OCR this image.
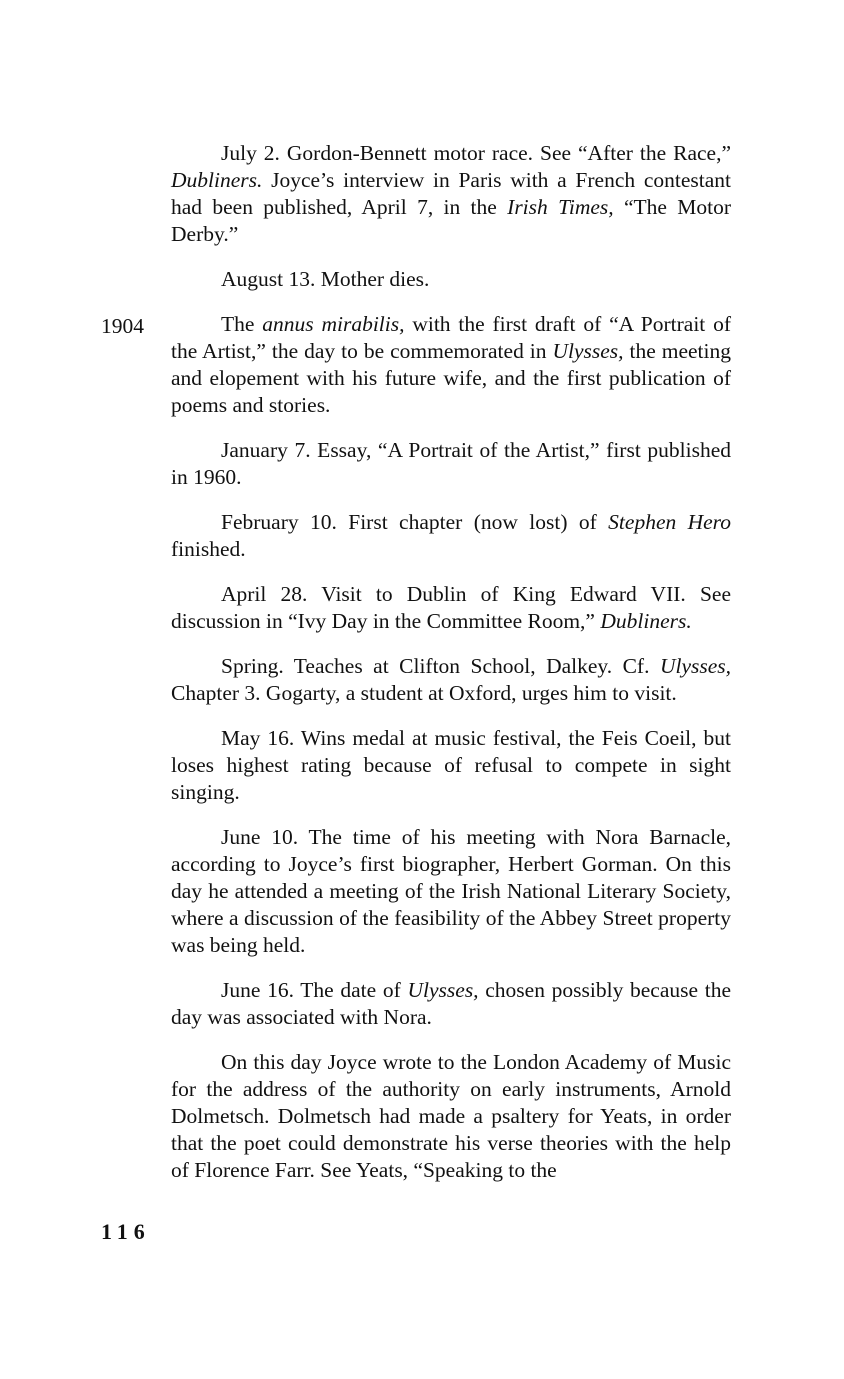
1904

July 2. Gordon-Bennett motor race. See “After the Race,” Dubliners. Joyce’s interview in Paris with a French contestant had been published, April 7, in the Irish Times, “The Motor Derby.”

August 13. Mother dies.

The annus mirabilis, with the first draft of “A Portrait of the Artist,” the day to be commemorated in Ulysses, the meeting and elopement with his future wife, and the first publication of poems and stories.

January 7. Essay, “A Portrait of the Artist,” first published in 1960.

February 10. First chapter (now lost) of Stephen Hero finished.

April 28. Visit to Dublin of King Edward VII. See discussion in “Ivy Day in the Committee Room,” Dubliners.

Spring. Teaches at Clifton School, Dalkey. Cf. Ulysses, Chapter 3. Gogarty, a student at Oxford, urges him to visit.

May 16. Wins medal at music festival, the Feis Coeil, but loses highest rating because of refusal to compete in sight singing.

June 10. The time of his meeting with Nora Barnacle, according to Joyce’s first biographer, Herbert Gorman. On this day he attended a meeting of the Irish National Literary Society, where a discussion of the feasibility of the Abbey Street property was being held.

June 16. The date of Ulysses, chosen possibly because the day was associated with Nora.

On this day Joyce wrote to the London Academy of Music for the address of the authority on early instruments, Arnold Dolmetsch. Dolmetsch had made a psaltery for Yeats, in order that the poet could demonstrate his verse theories with the help of Florence Farr. See Yeats, “Speaking to the

116
